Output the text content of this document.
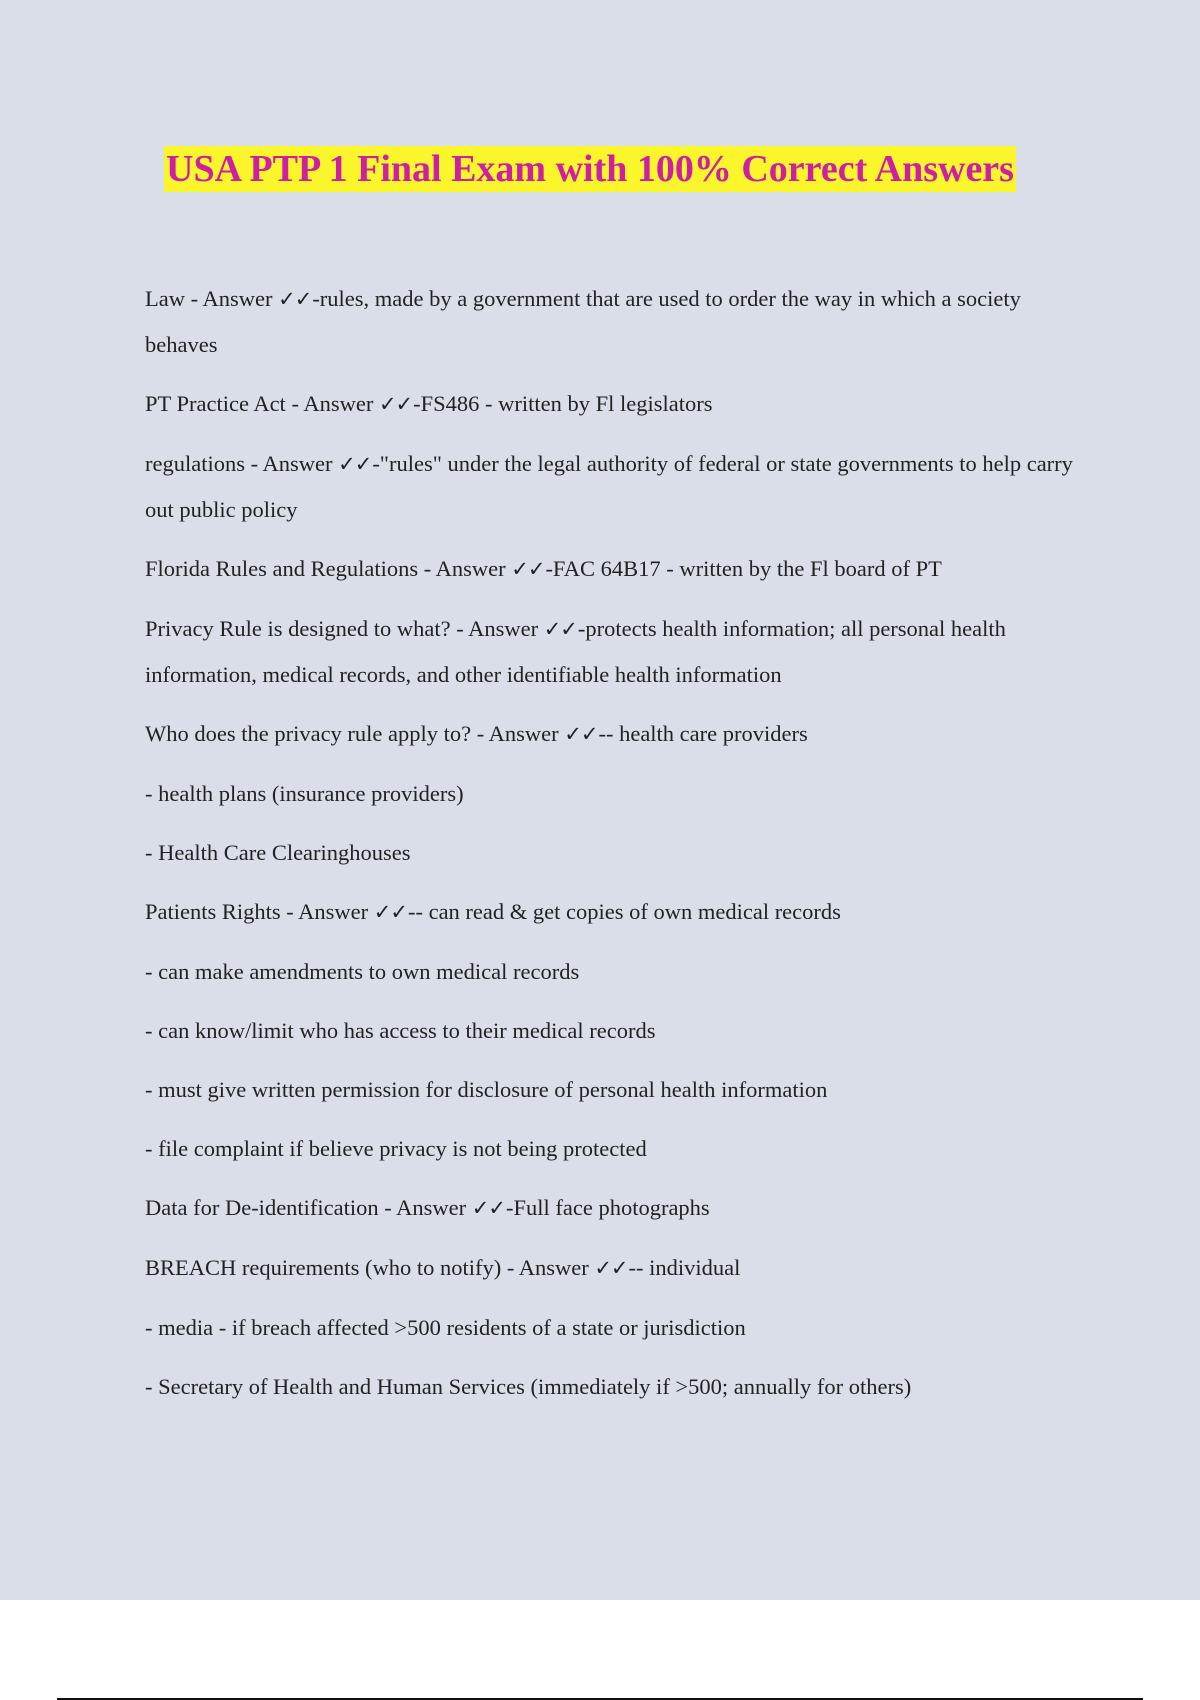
USA PTP 1 Final Exam with 100% Correct Answers

Law - Answer ✓✓-rules, made by a government that are used to order the way in which a society behaves

PT Practice Act - Answer ✓✓-FS486 - written by Fl legislators

regulations - Answer ✓✓-"rules" under the legal authority of federal or state governments to help carry out public policy

Florida Rules and Regulations - Answer ✓✓-FAC 64B17 - written by the Fl board of PT

Privacy Rule is designed to what? - Answer ✓✓-protects health information; all personal health information, medical records, and other identifiable health information

Who does the privacy rule apply to? - Answer ✓✓-- health care providers

- health plans (insurance providers)

- Health Care Clearinghouses

Patients Rights - Answer ✓✓-- can read & get copies of own medical records

- can make amendments to own medical records

- can know/limit who has access to their medical records

- must give written permission for disclosure of personal health information

- file complaint if believe privacy is not being protected

Data for De-identification - Answer ✓✓-Full face photographs

BREACH requirements (who to notify) - Answer ✓✓-- individual

- media - if breach affected >500 residents of a state or jurisdiction

- Secretary of Health and Human Services (immediately if >500; annually for others)
